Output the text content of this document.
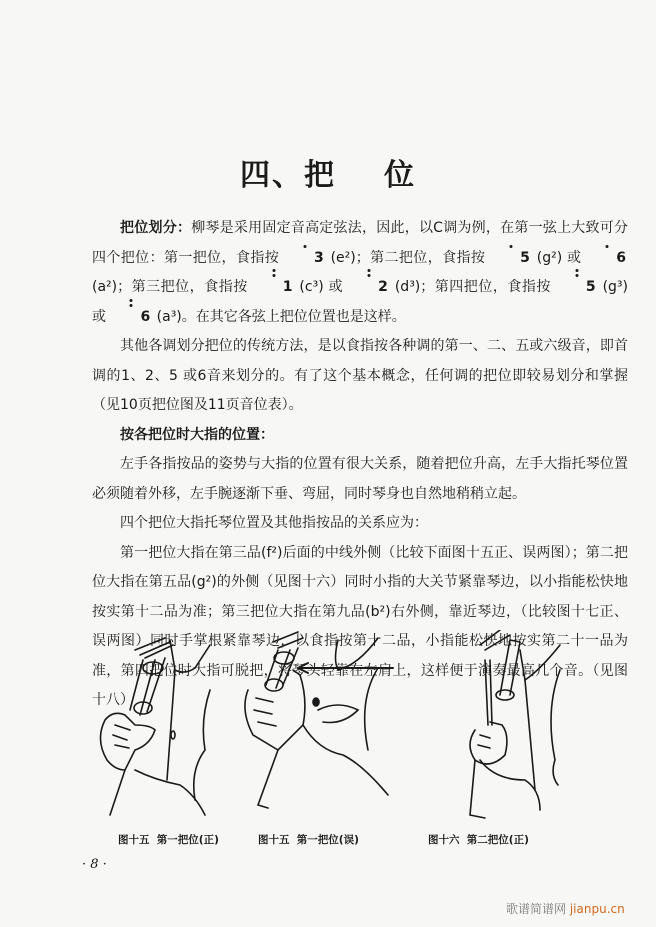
四、把 位

把位划分：柳琴是采用固定音高定弦法，因此，以C调为例，在第一弦上大致可分四个把位：第一把位，食指按
3 (e²)；第二把位，食指按
5 (g²) 或
6 (a²)；第三把位，食指按
1 (c³) 或
2 (d³)；第四把位，食指按
5 (g³) 或
6 (a³)。在其它各弦上把位位置也是这样。

其他各调划分把位的传统方法，是以食指按各种调的第一、二、五或六级音，即首调的1、2、5 或6音来划分的。有了这个基本概念，任何调的把位即较易划分和掌握（见10页把位图及11页音位表）。

按各把位时大指的位置：

左手各指按品的姿势与大指的位置有很大关系，随着把位升高，左手大指托琴位置必须随着外移，左手腕逐渐下垂、弯屈，同时琴身也自然地稍稍立起。

四个把位大指托琴位置及其他指按品的关系应为：

第一把位大指在第三品(f²)后面的中线外侧（比较下面图十五正、误两图）；第二把位大指在第五品(g²)的外侧（见图十六）同时小指的大关节紧靠琴边，以小指能松快地按实第十二品为准；第三把位大指在第九品(b²)右外侧，靠近琴边，（比较图十七正、误两图）同时手掌根紧靠琴边，以食指按第十二品，小指能松快地按实第二十一品为准，第四把位时大指可脱把，将琴头轻靠在左肩上，这样便于演奏最高几个音。（见图十八）

图十五  第一把位(正)	图十五  第一把位(误)	图十六  第二把位(正)
· 8 ·
歌谱简谱网 jianpu.cn
